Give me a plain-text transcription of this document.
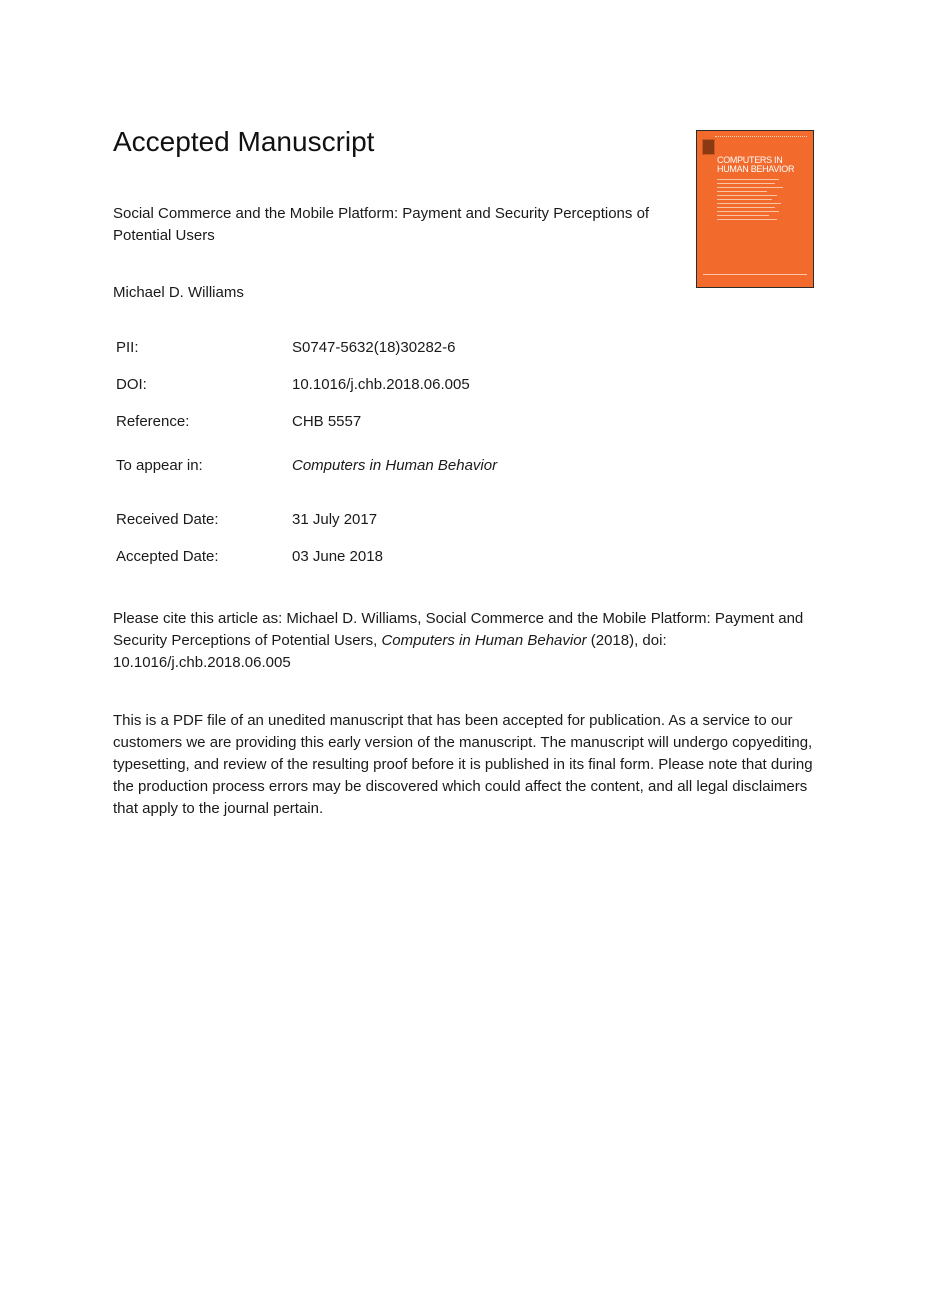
Accepted Manuscript
Social Commerce and the Mobile Platform: Payment and Security Perceptions of Potential Users
Michael D. Williams
PII:	S0747-5632(18)30282-6
DOI:	10.1016/j.chb.2018.06.005
Reference:	CHB 5557
To appear in:	Computers in Human Behavior
Received Date:	31 July 2017
Accepted Date:	03 June 2018
Please cite this article as: Michael D. Williams, Social Commerce and the Mobile Platform: Payment and Security Perceptions of Potential Users, Computers in Human Behavior (2018), doi: 10.1016/j.chb.2018.06.005
This is a PDF file of an unedited manuscript that has been accepted for publication. As a service to our customers we are providing this early version of the manuscript. The manuscript will undergo copyediting, typesetting, and review of the resulting proof before it is published in its final form. Please note that during the production process errors may be discovered which could affect the content, and all legal disclaimers that apply to the journal pertain.
COMPUTERS IN
HUMAN BEHAVIOR
